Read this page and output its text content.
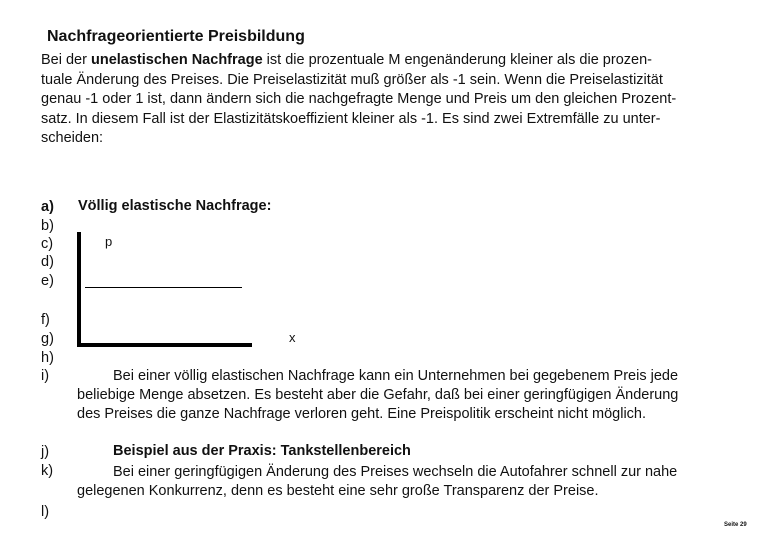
Nachfrageorientierte Preisbildung

Bei der unelastischen Nachfrage ist die prozentuale M engenänderung kleiner als die prozen-

tuale Änderung des Preises. Die Preiselastizität muß größer als -1 sein. Wenn die Preiselastizität

genau -1 oder 1 ist, dann ändern sich die nachgefragte Menge und Preis um den gleichen Prozent-

satz. In diesem Fall ist der Elastizitätskoeffizient kleiner als -1. Es sind zwei Extremfälle zu unter-

scheiden:

a)
b)
c)
d)
e)
f)
g)
h)
i)
j)
k)
l)
Völlig elastische Nachfrage:
p
x

Bei einer völlig elastischen Nachfrage kann ein Unternehmen bei gegebenem Preis jede

beliebige Menge absetzen. Es besteht aber die Gefahr, daß bei einer geringfügigen Änderung

des Preises die ganze Nachfrage verloren geht. Eine Preispolitik erscheint nicht möglich.

Beispiel aus der Praxis: Tankstellenbereich

Bei einer geringfügigen Änderung des Preises wechseln die Autofahrer schnell zur nahe

gelegenen Konkurrenz, denn es besteht eine sehr große Transparenz der Preise.

Seite 29
